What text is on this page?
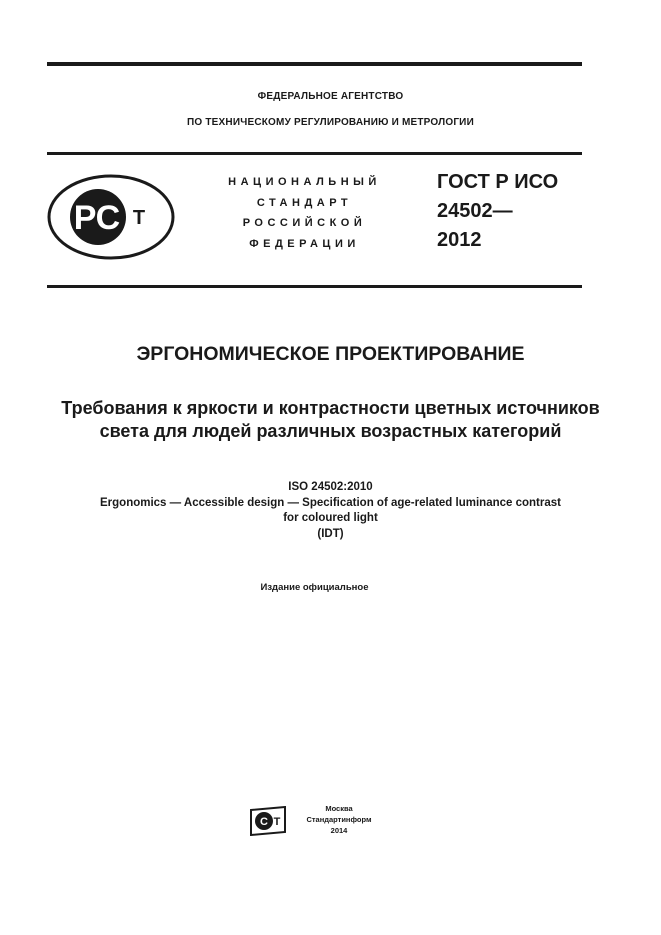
ФЕДЕРАЛЬНОЕ АГЕНТСТВО
ПО ТЕХНИЧЕСКОМУ РЕГУЛИРОВАНИЮ И МЕТРОЛОГИИ
РС Т
НАЦИОНАЛЬНЫЙ
СТАНДАРТ
РОССИЙСКОЙ
ФЕДЕРАЦИИ
ГОСТ Р ИСО
24502—
2012
ЭРГОНОМИЧЕСКОЕ ПРОЕКТИРОВАНИЕ
Требования к яркости и контрастности цветных источников света для людей различных возрастных категорий
ISO 24502:2010
Ergonomics — Accessible design — Specification of age-related luminance contrast
for coloured light
(IDT)
Издание официальное
С Т
Москва
Стандартинформ
2014
